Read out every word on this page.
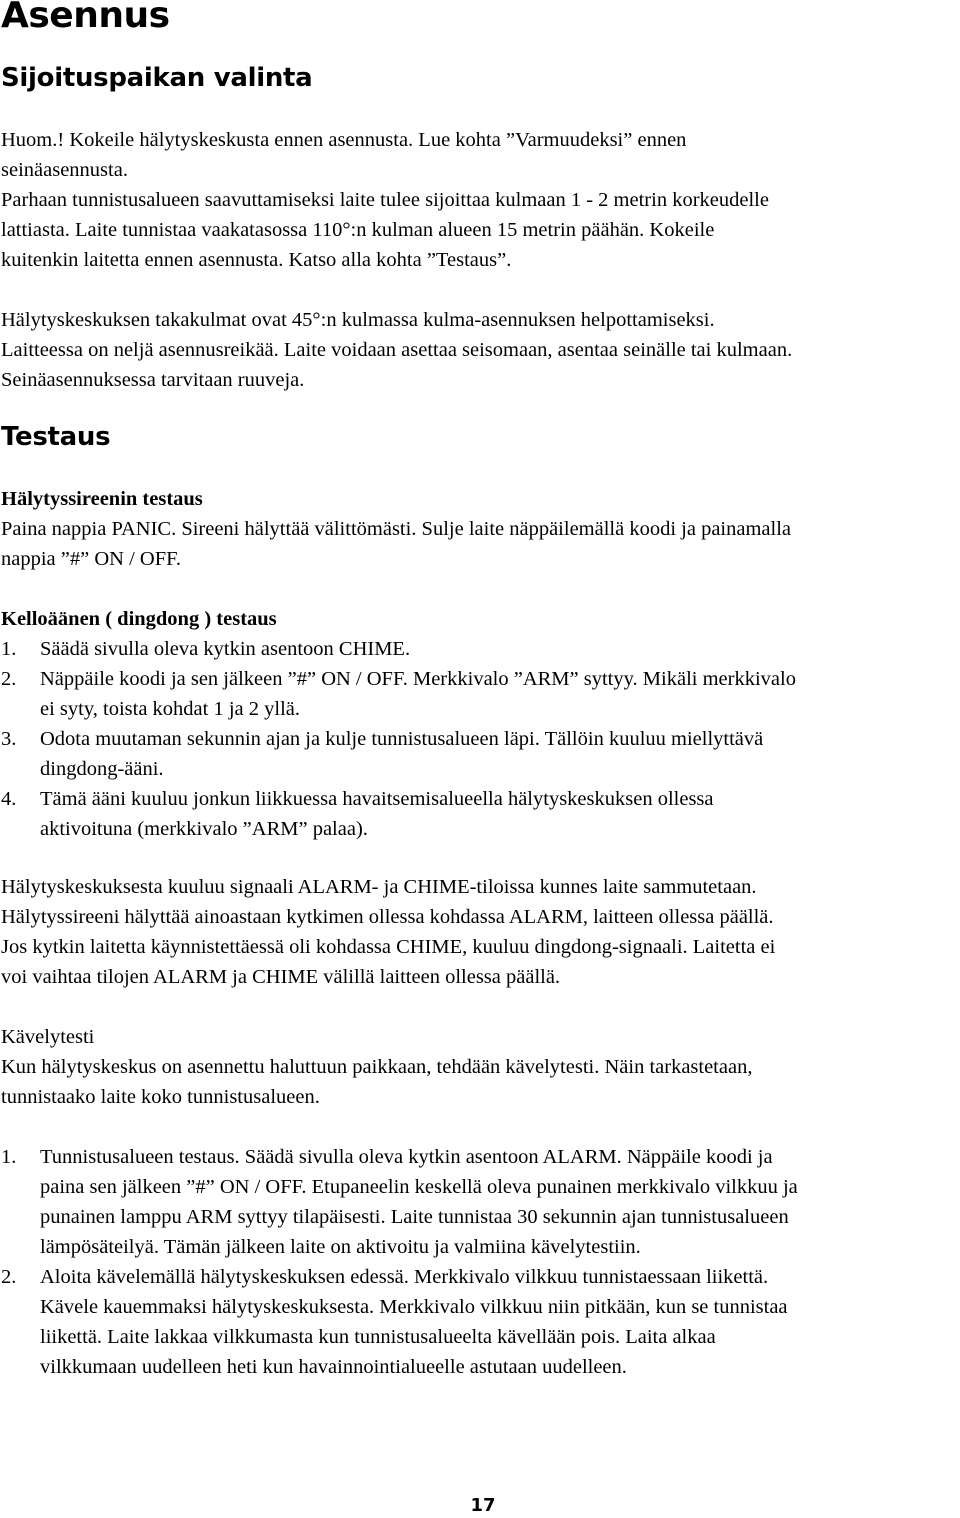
Asennus
Sijoituspaikan valinta
Huom.! Kokeile hälytyskeskusta ennen asennusta. Lue kohta ”Varmuudeksi” ennen
seinäasennusta.
Parhaan tunnistusalueen saavuttamiseksi laite tulee sijoittaa kulmaan 1 - 2 metrin korkeudelle
lattiasta. Laite tunnistaa vaakatasossa 110°:n kulman alueen 15 metrin päähän. Kokeile
kuitenkin laitetta ennen asennusta. Katso alla kohta ”Testaus”.
Hälytyskeskuksen takakulmat ovat 45°:n kulmassa kulma-asennuksen helpottamiseksi.
Laitteessa on neljä asennusreikää. Laite voidaan asettaa seisomaan, asentaa seinälle tai kulmaan.
Seinäasennuksessa tarvitaan ruuveja.
Testaus
Hälytyssireenin testaus
Paina nappia PANIC. Sireeni hälyttää välittömästi. Sulje laite näppäilemällä koodi ja painamalla
nappia ”#” ON / OFF.
Kelloäänen ( dingdong ) testaus
1. Säädä sivulla oleva kytkin asentoon CHIME.
2. Näppäile koodi ja sen jälkeen ”#” ON / OFF. Merkkivalo ”ARM” syttyy. Mikäli merkkivalo
ei syty, toista kohdat 1 ja 2 yllä.
3. Odota muutaman sekunnin ajan ja kulje tunnistusalueen läpi. Tällöin kuuluu miellyttävä
dingdong-ääni.
4. Tämä ääni kuuluu jonkun liikkuessa havaitsemisalueella hälytyskeskuksen ollessa
aktivoituna (merkkivalo ”ARM” palaa).
Hälytyskeskuksesta kuuluu signaali ALARM- ja CHIME-tiloissa kunnes laite sammutetaan.
Hälytyssireeni hälyttää ainoastaan kytkimen ollessa kohdassa ALARM, laitteen ollessa päällä.
Jos kytkin laitetta käynnistettäessä oli kohdassa CHIME, kuuluu dingdong-signaali. Laitetta ei
voi vaihtaa tilojen ALARM ja CHIME välillä laitteen ollessa päällä.
Kävelytesti
Kun hälytyskeskus on asennettu haluttuun paikkaan, tehdään kävelytesti. Näin tarkastetaan,
tunnistaako laite koko tunnistusalueen.
1. Tunnistusalueen testaus. Säädä sivulla oleva kytkin asentoon ALARM. Näppäile koodi ja
paina sen jälkeen ”#” ON / OFF. Etupaneelin keskellä oleva punainen merkkivalo vilkkuu ja
punainen lamppu ARM syttyy tilapäisesti. Laite tunnistaa 30 sekunnin ajan tunnistusalueen
lämpösäteilyä. Tämän jälkeen laite on aktivoitu ja valmiina kävelytestiin.
2. Aloita kävelemällä hälytyskeskuksen edessä. Merkkivalo vilkkuu tunnistaessaan liikettä.
Kävele kauemmaksi hälytyskeskuksesta. Merkkivalo vilkkuu niin pitkään, kun se tunnistaa
liikettä. Laite lakkaa vilkkumasta kun tunnistusalueelta kävellään pois. Laita alkaa
vilkkumaan uudelleen heti kun havainnointialueelle astutaan uudelleen.
17
